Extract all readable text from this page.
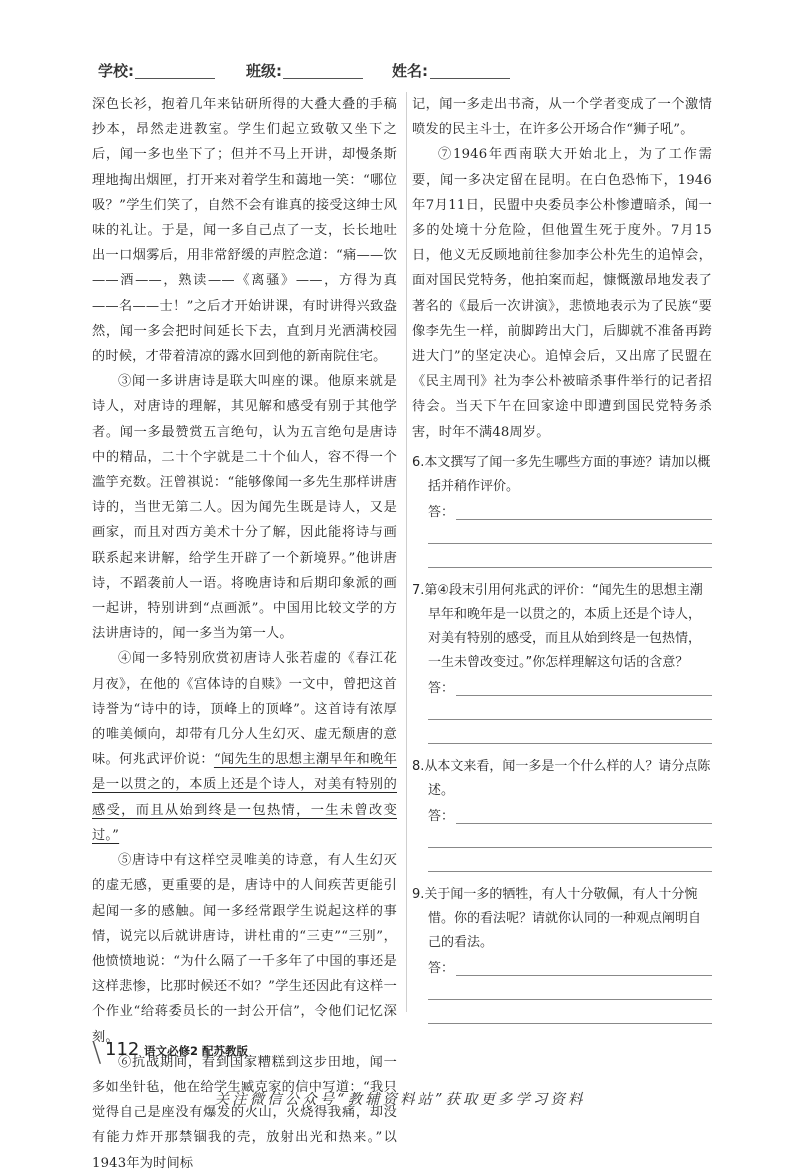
学校:	班级:	姓名:

深色长衫，抱着几年来钻研所得的大叠大叠的手稿抄本，昂然走进教室。学生们起立致敬又坐下之后，闻一多也坐下了；但并不马上开讲，却慢条斯理地掏出烟匣，打开来对着学生和蔼地一笑：“哪位吸？”学生们笑了，自然不会有谁真的接受这绅士风味的礼让。于是，闻一多自己点了一支，长长地吐出一口烟雾后，用非常舒缓的声腔念道：“痛——饮——酒——，熟读——《离骚》——，方得为真——名——士！”之后才开始讲课，有时讲得兴致盎然，闻一多会把时间延长下去，直到月光洒满校园的时候，才带着清凉的露水回到他的新南院住宅。

③闻一多讲唐诗是联大叫座的课。他原来就是诗人，对唐诗的理解，其见解和感受有别于其他学者。闻一多最赞赏五言绝句，认为五言绝句是唐诗中的精品，二十个字就是二十个仙人，容不得一个滥竽充数。汪曾祺说：“能够像闻一多先生那样讲唐诗的，当世无第二人。因为闻先生既是诗人，又是画家，而且对西方美术十分了解，因此能将诗与画联系起来讲解，给学生开辟了一个新境界。”他讲唐诗，不蹈袭前人一语。将晚唐诗和后期印象派的画一起讲，特别讲到“点画派”。中国用比较文学的方法讲唐诗的，闻一多当为第一人。

④闻一多特别欣赏初唐诗人张若虚的《春江花月夜》，在他的《宫体诗的自赎》一文中，曾把这首诗誉为“诗中的诗，顶峰上的顶峰”。这首诗有浓厚的唯美倾向，却带有几分人生幻灭、虚无颓唐的意味。何兆武评价说：“闻先生的思想主潮早年和晚年是一以贯之的，本质上还是个诗人，对美有特别的感受，而且从始到终是一包热情，一生未曾改变过。”

⑤唐诗中有这样空灵唯美的诗意，有人生幻灭的虚无感，更重要的是，唐诗中的人间疾苦更能引起闻一多的感触。闻一多经常跟学生说起这样的事情，说完以后就讲唐诗，讲杜甫的“三吏”“三别”，他愤愤地说：“为什么隔了一千多年了中国的事还是这样悲惨，比那时候还不如？”学生还因此有这样一个作业“给蒋委员长的一封公开信”，令他们记忆深刻。

⑥抗战期间，看到国家糟糕到这步田地，闻一多如坐针毡，他在给学生臧克家的信中写道：“我只觉得自己是座没有爆发的火山，火烧得我痛，却没有能力炸开那禁锢我的壳，放射出光和热来。”以1943年为时间标

记，闻一多走出书斋，从一个学者变成了一个激情喷发的民主斗士，在许多公开场合作“狮子吼”。

⑦1946年西南联大开始北上，为了工作需要，闻一多决定留在昆明。在白色恐怖下，1946年7月11日，民盟中央委员李公朴惨遭暗杀，闻一多的处境十分危险，但他置生死于度外。7月15日，他义无反顾地前往参加李公朴先生的追悼会，面对国民党特务，他拍案而起，慷慨激昂地发表了著名的《最后一次讲演》，悲愤地表示为了民族“要像李先生一样，前脚跨出大门，后脚就不准备再跨进大门”的坚定决心。追悼会后，又出席了民盟在《民主周刊》社为李公朴被暗杀事件举行的记者招待会。当天下午在回家途中即遭到国民党特务杀害，时年不满48周岁。

6.本文撰写了闻一多先生哪些方面的事迹？请加以概括并稍作评价。
答：
7.第④段末引用何兆武的评价：“闻先生的思想主潮早年和晚年是一以贯之的，本质上还是个诗人，对美有特别的感受，而且从始到终是一包热情，一生未曾改变过。”你怎样理解这句话的含意？
答：
8.从本文来看，闻一多是一个什么样的人？请分点陈述。
答：
9.关于闻一多的牺牲，有人十分敬佩，有人十分惋惜。你的看法呢？请就你认同的一种观点阐明自己的看法。
答：
\ 112 语文必修2 配苏教版
关注微信公众号“教辅资料站”获取更多学习资料
